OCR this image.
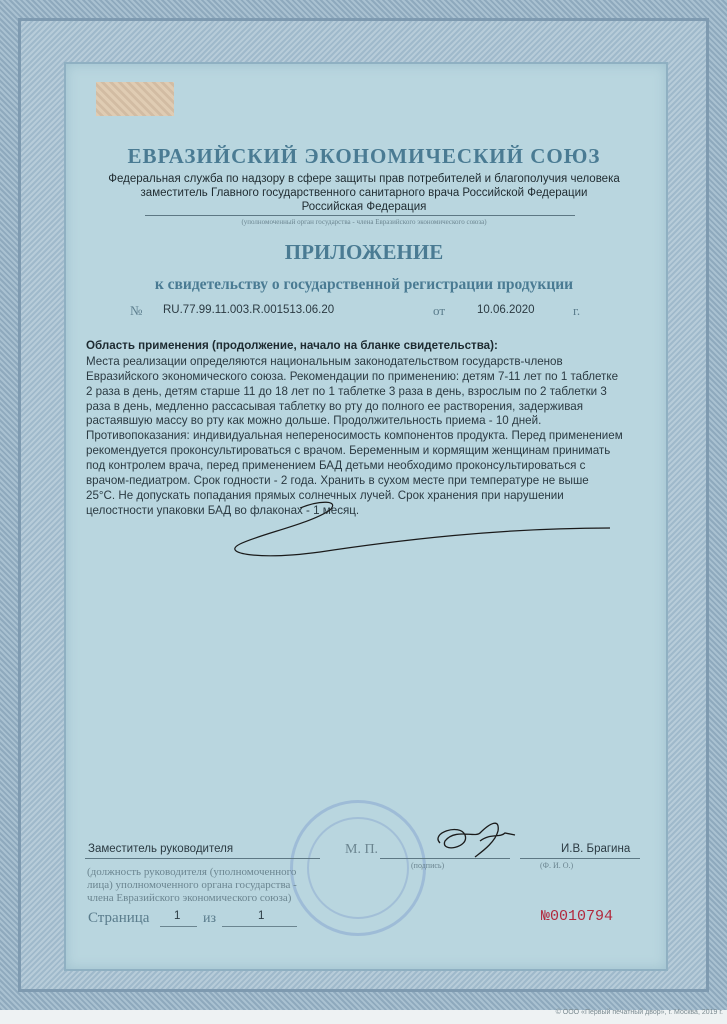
ЕВРАЗИЙСКИЙ ЭКОНОМИЧЕСКИЙ СОЮЗ
Федеральная служба по надзору в сфере защиты прав потребителей и благополучия человека
заместитель Главного государственного санитарного врача Российской Федерации
Российская Федерация
(уполномоченный орган государства - члена Евразийского экономического союза)
ПРИЛОЖЕНИЕ
к свидетельству о государственной регистрации продукции
№ RU.77.99.11.003.R.001513.06.20	от	10.06.2020	г.
Область применения (продолжение, начало на бланке свидетельства):
Места реализации определяются национальным законодательством государств-членов
Евразийского экономического союза. Рекомендации по применению: детям 7-11 лет по 1 таблетке
2 раза в день, детям старше 11 до 18 лет по 1 таблетке 3 раза в день, взрослым по 2 таблетки 3
раза в день, медленно рассасывая таблетку во рту до полного ее растворения, задерживая
растаявшую массу во рту как можно дольше. Продолжительность приема - 10 дней.
Противопоказания: индивидуальная непереносимость компонентов продукта. Перед применением
рекомендуется проконсультироваться с врачом. Беременным и кормящим женщинам принимать
под контролем врача, перед применением БАД детьми необходимо проконсультироваться с
врачом-педиатром. Срок годности - 2 года. Хранить в сухом месте при температуре не выше
25°С. Не допускать попадания прямых солнечных лучей. Срок хранения при нарушении
целостности упаковки БАД во флаконах - 1 месяц.
Заместитель руководителя	М. П.
(подпись)
И.В. Брагина
(Ф. И. О.)
(должность руководителя (уполномоченного
лица) уполномоченного органа государства -
члена Евразийского экономического союза)
Страница 1 из	1	№0010794
© ООО «Первый печатный двор», г. Москва, 2019 г.
